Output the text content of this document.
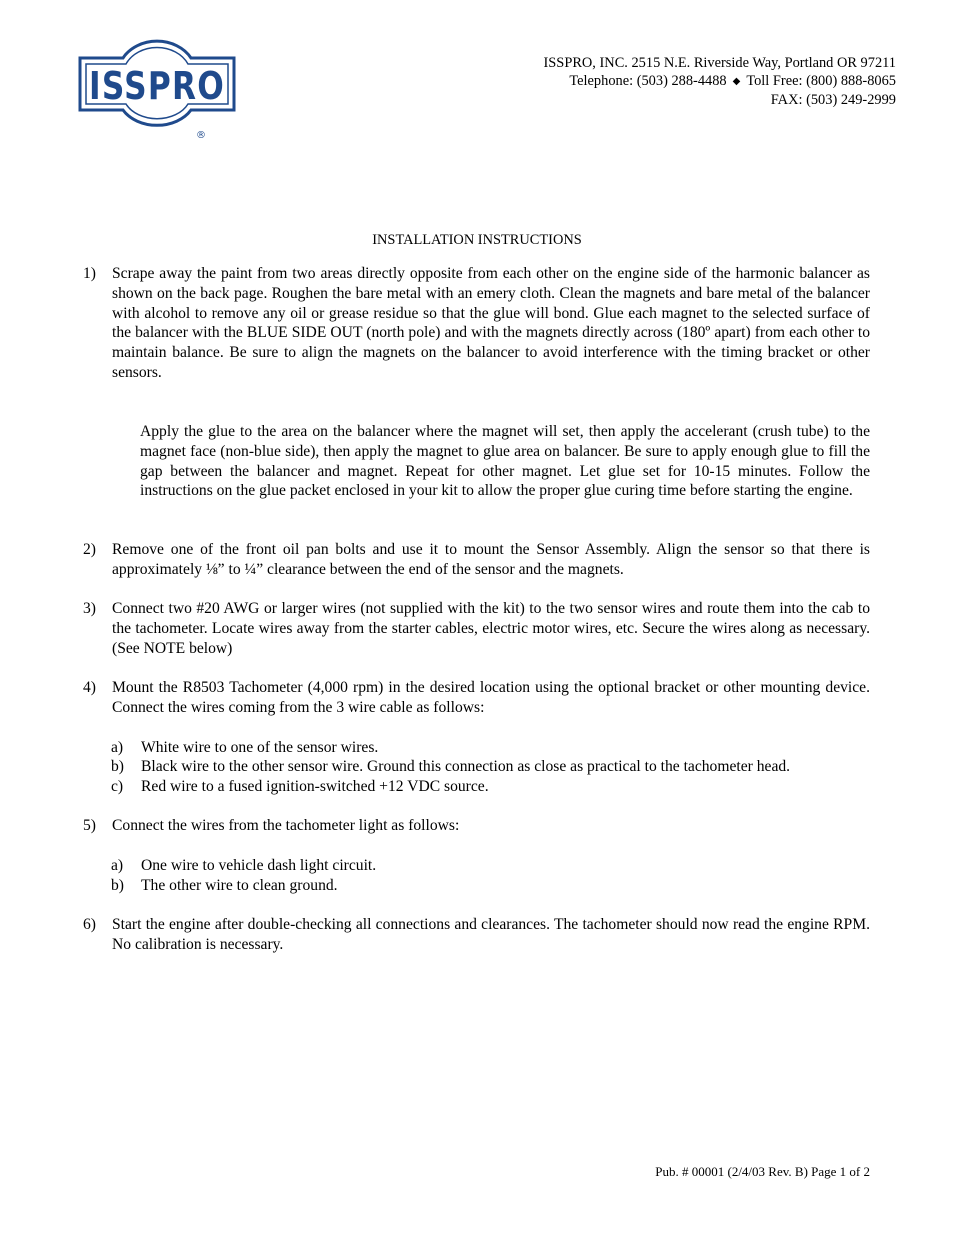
ISSPRO
®
ISSPRO, INC. 2515 N.E. Riverside Way, Portland OR 97211
Telephone: (503) 288-4488 ◆ Toll Free: (800) 888-8065
FAX: (503) 249-2999
INSTALLATION INSTRUCTIONS
1) Scrape away the paint from two areas directly opposite from each other on the engine side of the harmonic balancer as shown on the back page. Roughen the bare metal with an emery cloth. Clean the magnets and bare metal of the balancer with alcohol to remove any oil or grease residue so that the glue will bond. Glue each magnet to the selected surface of the balancer with the BLUE SIDE OUT (north pole) and with the magnets directly across (180º apart) from each other to maintain balance. Be sure to align the magnets on the balancer to avoid interference with the timing bracket or other sensors.
Apply the glue to the area on the balancer where the magnet will set, then apply the accelerant (crush tube) to the magnet face (non-blue side), then apply the magnet to glue area on balancer. Be sure to apply enough glue to fill the gap between the balancer and magnet. Repeat for other magnet. Let glue set for 10-15 minutes. Follow the instructions on the glue packet enclosed in your kit to allow the proper glue curing time before starting the engine.
2) Remove one of the front oil pan bolts and use it to mount the Sensor Assembly. Align the sensor so that there is approximately ⅛” to ¼” clearance between the end of the sensor and the magnets.
3) Connect two #20 AWG or larger wires (not supplied with the kit) to the two sensor wires and route them into the cab to the tachometer. Locate wires away from the starter cables, electric motor wires, etc. Secure the wires along as necessary. (See NOTE below)
4) Mount the R8503 Tachometer (4,000 rpm) in the desired location using the optional bracket or other mounting device. Connect the wires coming from the 3 wire cable as follows:
a) White wire to one of the sensor wires.
b) Black wire to the other sensor wire. Ground this connection as close as practical to the tachometer head.
c) Red wire to a fused ignition-switched +12 VDC source.
5) Connect the wires from the tachometer light as follows:
a) One wire to vehicle dash light circuit.
b) The other wire to clean ground.
6) Start the engine after double-checking all connections and clearances. The tachometer should now read the engine RPM. No calibration is necessary.
Pub. # 00001 (2/4/03 Rev. B) Page 1 of 2
